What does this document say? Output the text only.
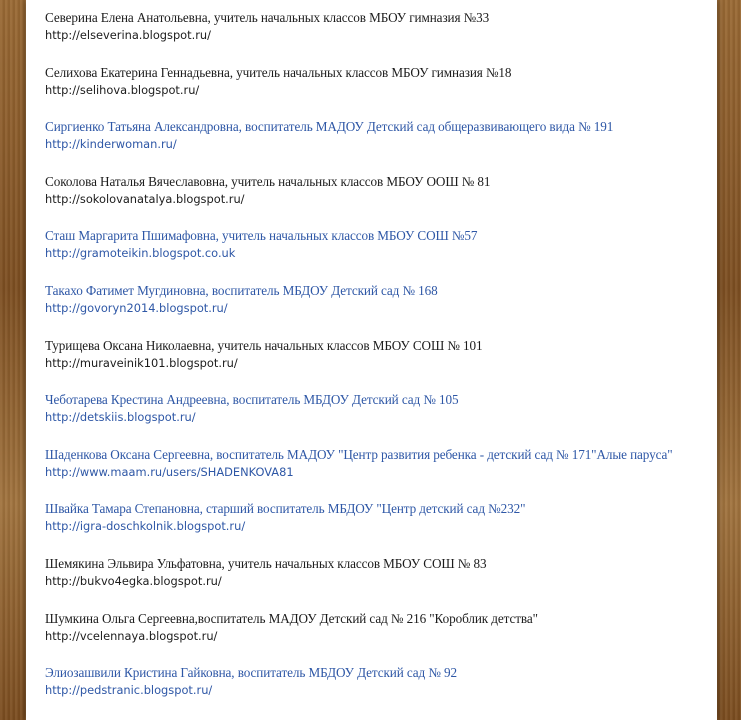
Северина Елена Анатольевна, учитель начальных классов МБОУ гимназия №33
http://elseverina.blogspot.ru/
Селихова Екатерина Геннадьевна, учитель начальных классов МБОУ гимназия №18
http://selihova.blogspot.ru/
Сиргиенко Татьяна Александровна, воспитатель МАДОУ Детский сад общеразвивающего вида № 191
http://kinderwoman.ru/
Соколова Наталья Вячеславовна, учитель начальных классов МБОУ ООШ № 81
http://sokolovanatalya.blogspot.ru/
Сташ Маргарита Пшимафовна, учитель начальных классов МБОУ СОШ №57
http://gramoteikin.blogspot.co.uk
Такахо Фатимет Мугдиновна, воспитатель МБДОУ Детский сад № 168
http://govoryn2014.blogspot.ru/
Турищева Оксана Николаевна, учитель начальных классов МБОУ СОШ № 101
http://muraveinik101.blogspot.ru/
Чеботарева Крестина Андреевна, воспитатель МБДОУ Детский сад № 105
http://detskiis.blogspot.ru/
Шаденкова Оксана Сергеевна, воспитатель МАДОУ "Центр развития ребенка - детский сад № 171"Алые паруса"
http://www.maam.ru/users/SHADENKOVA81
Швайка Тамара Степановна, старший воспитатель МБДОУ "Центр детский сад №232"
http://igra-doschkolnik.blogspot.ru/
Шемякина Эльвира Ульфатовна, учитель начальных классов МБОУ СОШ № 83
http://bukvo4egka.blogspot.ru/
Шумкина Ольга Сергеевна,воспитатель МАДОУ Детский сад № 216 "Короблик детства"
http://vcelennaya.blogspot.ru/
Элиозашвили Кристина Гайковна, воспитатель МБДОУ Детский сад № 92
http://pedstranic.blogspot.ru/
